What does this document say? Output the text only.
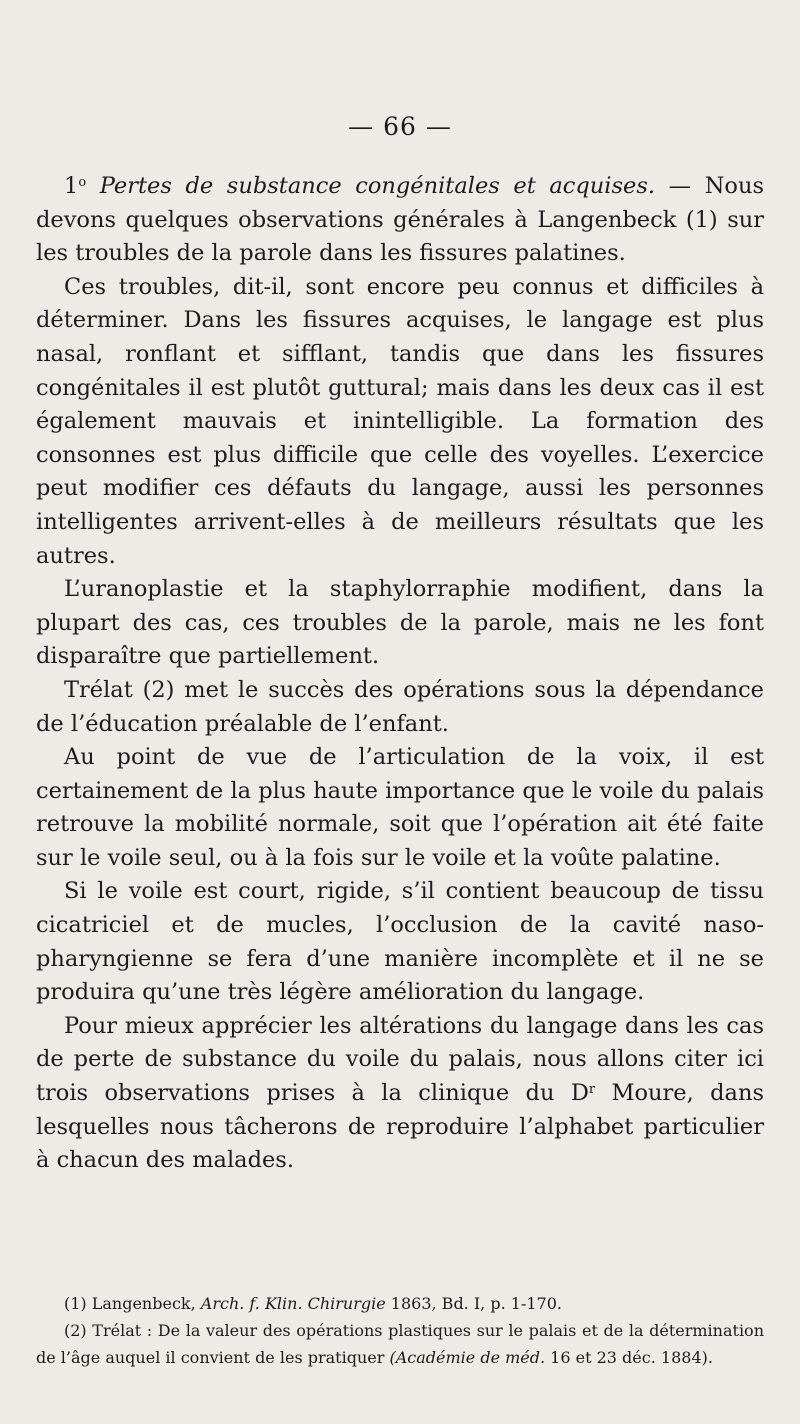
— 66 —

1$^o$ Pertes de substance congénitales et acquises. — Nous devons quelques observations générales à Langenbeck (1) sur les troubles de la parole dans les fissures palatines.

Ces troubles, dit-il, sont encore peu connus et difficiles à déterminer. Dans les fissures acquises, le langage est plus nasal, ronflant et sifflant, tandis que dans les fissures congénitales il est plutôt guttural; mais dans les deux cas il est également mauvais et inintelligible. La formation des consonnes est plus difficile que celle des voyelles. L’exercice peut modifier ces défauts du langage, aussi les personnes intelligentes arrivent-elles à de meilleurs résultats que les autres.

L’uranoplastie et la staphylorraphie modifient, dans la plupart des cas, ces troubles de la parole, mais ne les font disparaître que partiellement.

Trélat (2) met le succès des opérations sous la dépendance de l’éducation préalable de l’enfant.

Au point de vue de l’articulation de la voix, il est certainement de la plus haute importance que le voile du palais retrouve la mobilité normale, soit que l’opération ait été faite sur le voile seul, ou à la fois sur le voile et la voûte palatine.

Si le voile est court, rigide, s’il contient beaucoup de tissu cicatriciel et de mucles, l’occlusion de la cavité naso-pharyngienne se fera d’une manière incomplète et il ne se produira qu’une très légère amélioration du langage.

Pour mieux apprécier les altérations du langage dans les cas de perte de substance du voile du palais, nous allons citer ici trois observations prises à la clinique du $D^r$ Moure, dans lesquelles nous tâcherons de reproduire l’alphabet particulier à chacun des malades.

(1) Langenbeck, Arch. f. Klin. Chirurgie 1863, Bd. I, p. 1-170.

(2) Trélat : De la valeur des opérations plastiques sur le palais et de la détermination de l’âge auquel il convient de les pratiquer (Académie de méd. 16 et 23 déc. 1884).
